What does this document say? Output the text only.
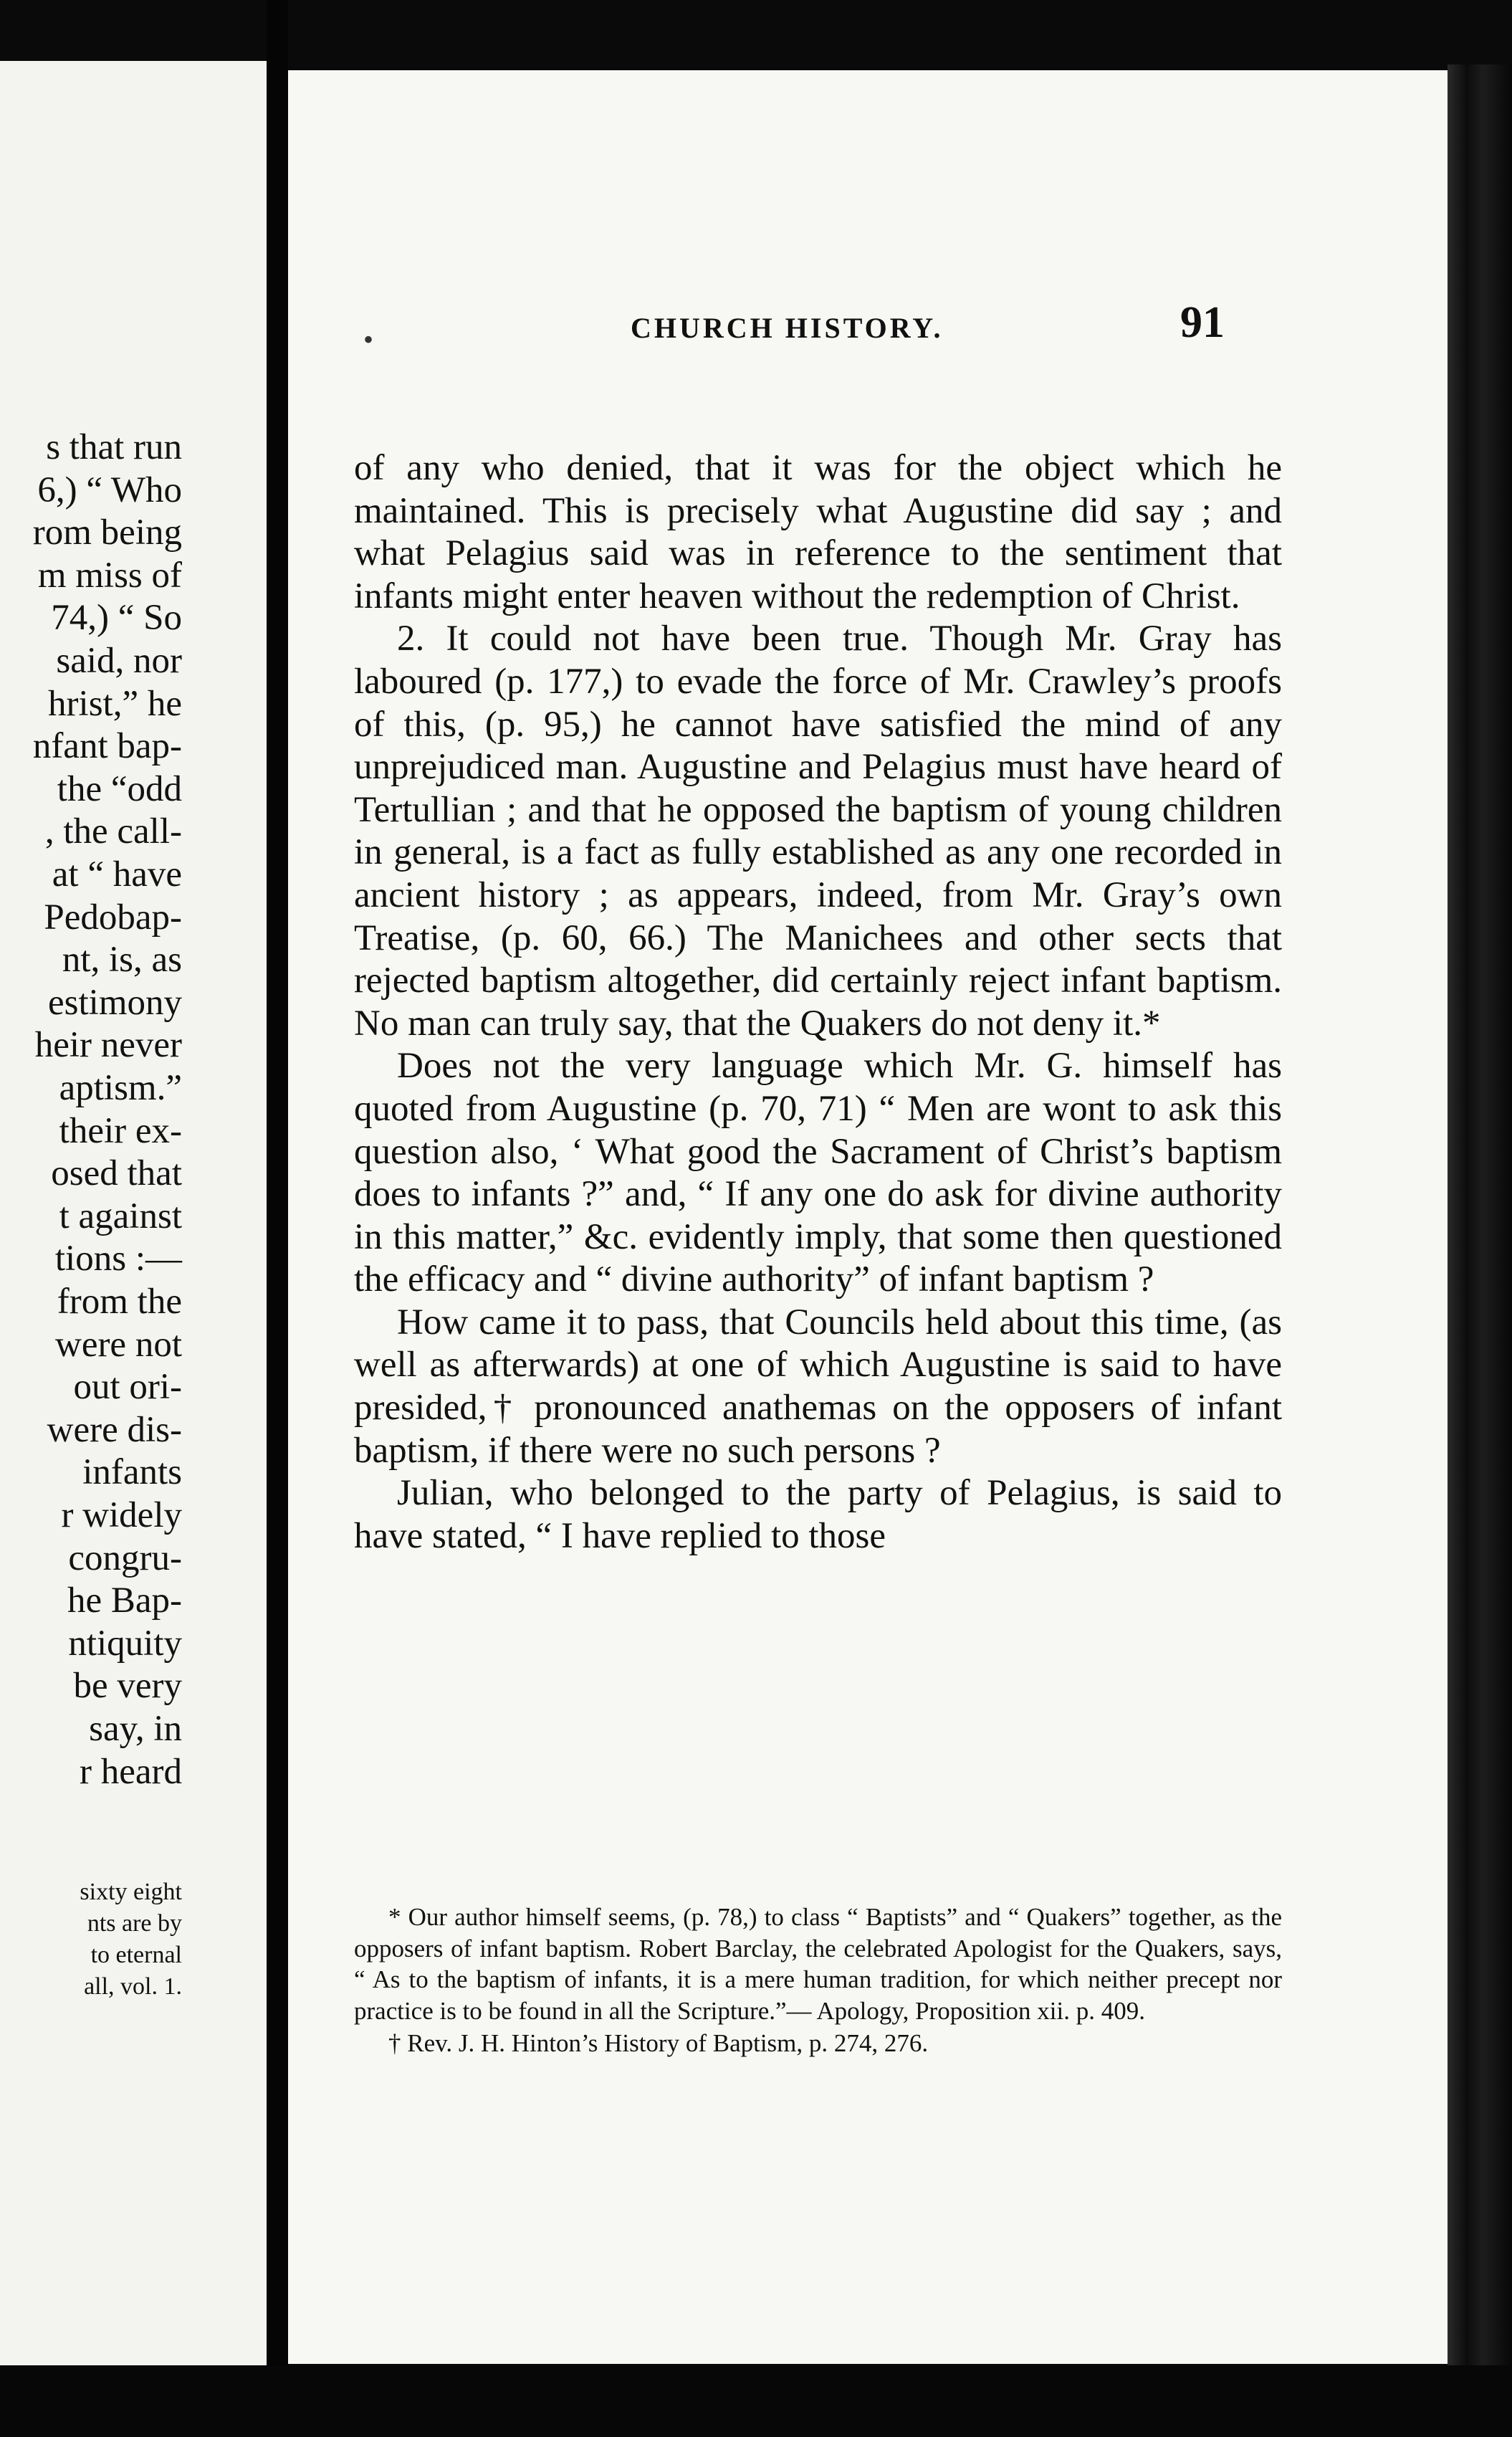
s that run
6,) “ Who
rom being
m miss of
74,) “ So
said, nor
hrist,” he
nfant bap-
the “odd
, the call-
at “ have
Pedobap-
nt, is, as
estimony
heir never
aptism.”
their ex-
osed that
t against
tions :—
from the
were not
out ori-
were dis-
infants
r widely
congru-
he Bap-
ntiquity
be very
say, in
r heard
sixty eight
nts are by
to eternal
all, vol. 1.
•	CHURCH HISTORY.	91

of any who denied, that it was for the object which he maintained. This is precisely what Augustine did say ; and what Pelagius said was in reference to the sentiment that infants might enter heaven without the redemption of Christ.

2. It could not have been true. Though Mr. Gray has laboured (p. 177,) to evade the force of Mr. Crawley’s proofs of this, (p. 95,) he cannot have satisfied the mind of any unprejudiced man. Augustine and Pelagius must have heard of Tertullian ; and that he opposed the baptism of young children in general, is a fact as fully established as any one recorded in ancient history ; as appears, indeed, from Mr. Gray’s own Treatise, (p. 60, 66.) The Manichees and other sects that rejected baptism altogether, did certainly reject infant baptism. No man can truly say, that the Quakers do not deny it.*

Does not the very language which Mr. G. himself has quoted from Augustine (p. 70, 71) “ Men are wont to ask this question also, ‘ What good the Sacrament of Christ’s baptism does to infants ?” and, “ If any one do ask for divine authority in this matter,” &c. evidently imply, that some then questioned the efficacy and “ divine authority” of infant baptism ?

How came it to pass, that Councils held about this time, (as well as afterwards) at one of which Augustine is said to have presided,† pronounced anathemas on the opposers of infant baptism, if there were no such persons ?

Julian, who belonged to the party of Pelagius, is said to have stated, “ I have replied to those

* Our author himself seems, (p. 78,) to class “ Baptists” and “ Quakers” together, as the opposers of infant baptism. Robert Barclay, the celebrated Apologist for the Quakers, says, “ As to the baptism of infants, it is a mere human tradition, for which neither precept nor practice is to be found in all the Scripture.”— Apology, Proposition xii. p. 409.

† Rev. J. H. Hinton’s History of Baptism, p. 274, 276.
